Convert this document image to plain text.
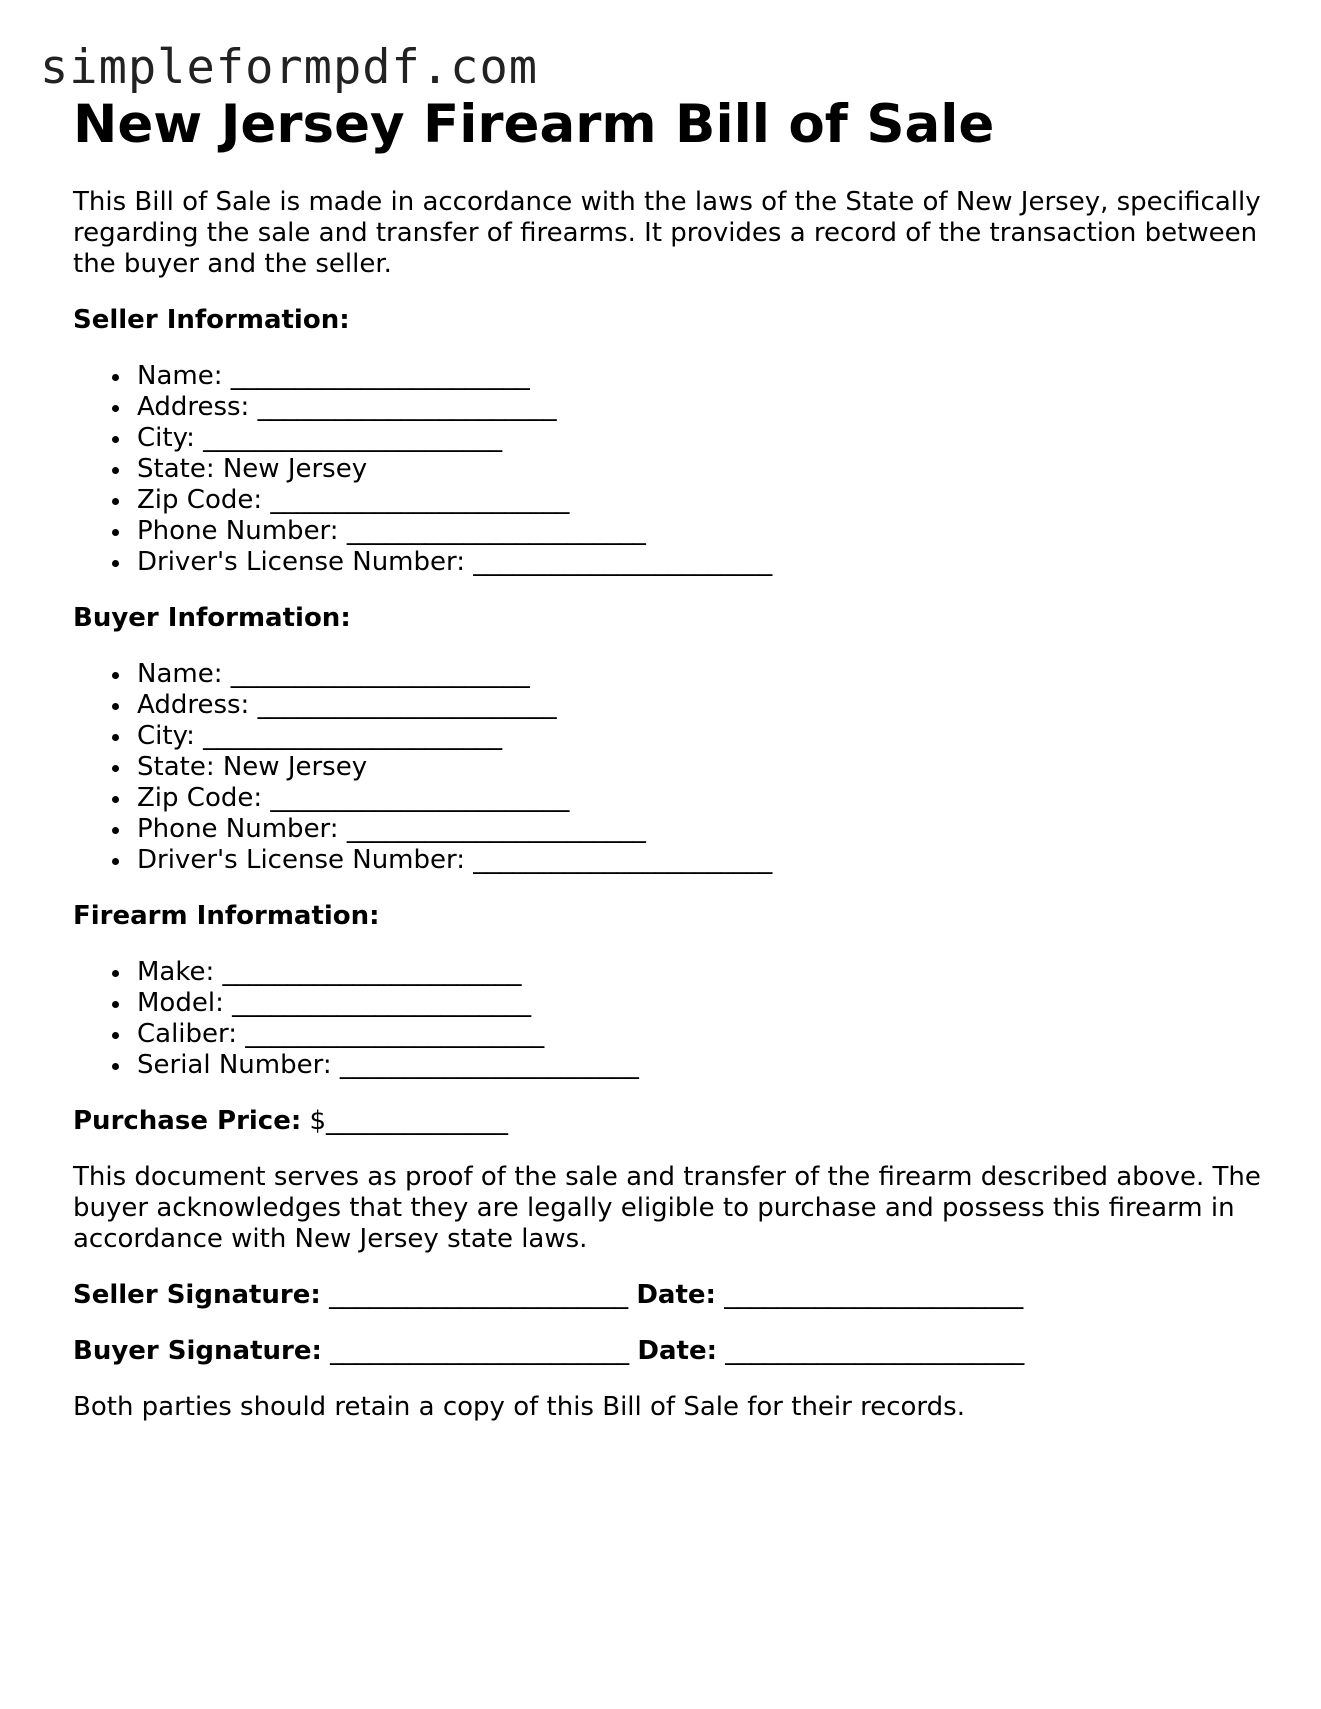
simpleformpdf.com
New Jersey Firearm Bill of Sale

This Bill of Sale is made in accordance with the laws of the State of New Jersey, specifically regarding the sale and transfer of firearms. It provides a record of the transaction between the buyer and the seller.

Seller Information:

Name: _______________________
Address: _______________________
City: _______________________
State: New Jersey
Zip Code: _______________________
Phone Number: _______________________
Driver's License Number: _______________________

Buyer Information:

Name: _______________________
Address: _______________________
City: _______________________
State: New Jersey
Zip Code: _______________________
Phone Number: _______________________
Driver's License Number: _______________________

Firearm Information:

Make: _______________________
Model: _______________________
Caliber: _______________________
Serial Number: _______________________

Purchase Price: $______________

This document serves as proof of the sale and transfer of the firearm described above. The buyer acknowledges that they are legally eligible to purchase and possess this firearm in accordance with New Jersey state laws.

Seller Signature: _______________________ Date: _______________________

Buyer Signature: _______________________ Date: _______________________

Both parties should retain a copy of this Bill of Sale for their records.
